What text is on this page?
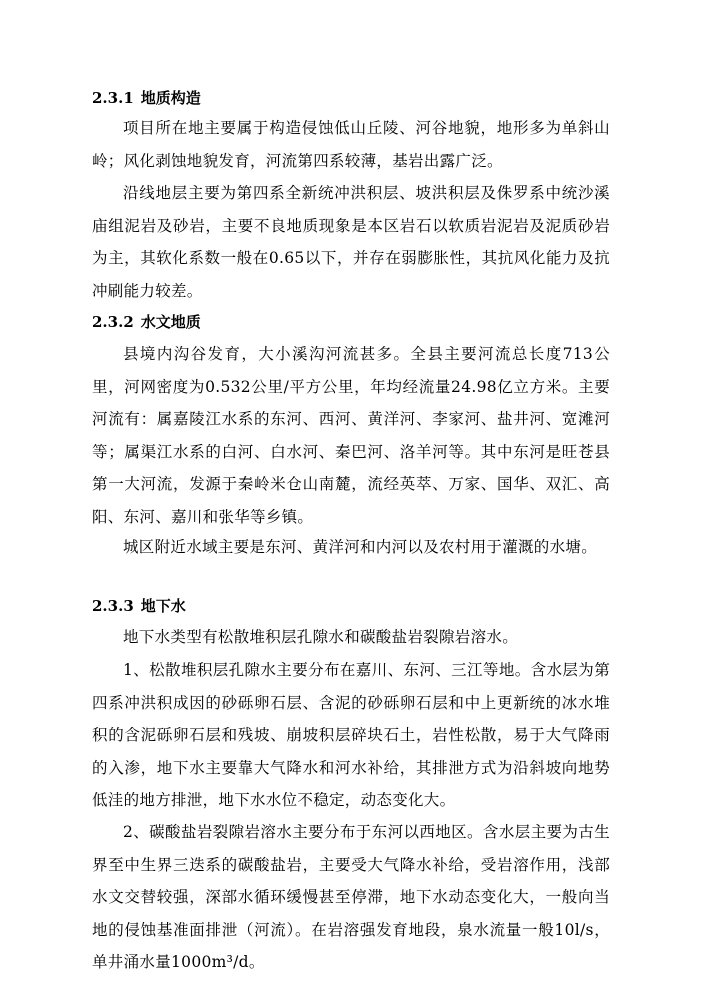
2.3.1 地质构造

项目所在地主要属于构造侵蚀低山丘陵、河谷地貌，地形多为单斜山岭；风化剥蚀地貌发育，河流第四系较薄，基岩出露广泛。

沿线地层主要为第四系全新统冲洪积层、坡洪积层及侏罗系中统沙溪庙组泥岩及砂岩，主要不良地质现象是本区岩石以软质岩泥岩及泥质砂岩为主，其软化系数一般在0.65以下，并存在弱膨胀性，其抗风化能力及抗冲刷能力较差。

2.3.2 水文地质

县境内沟谷发育，大小溪沟河流甚多。全县主要河流总长度713公里，河网密度为0.532公里/平方公里，年均经流量24.98亿立方米。主要河流有：属嘉陵江水系的东河、西河、黄洋河、李家河、盐井河、宽滩河等；属渠江水系的白河、白水河、秦巴河、洛羊河等。其中东河是旺苍县第一大河流，发源于秦岭米仓山南麓，流经英萃、万家、国华、双汇、高阳、东河、嘉川和张华等乡镇。

城区附近水域主要是东河、黄洋河和内河以及农村用于灌溉的水塘。

2.3.3 地下水

地下水类型有松散堆积层孔隙水和碳酸盐岩裂隙岩溶水。

1、松散堆积层孔隙水主要分布在嘉川、东河、三江等地。含水层为第四系冲洪积成因的砂砾卵石层、含泥的砂砾卵石层和中上更新统的冰水堆积的含泥砾卵石层和残坡、崩坡积层碎块石土，岩性松散，易于大气降雨的入渗，地下水主要靠大气降水和河水补给，其排泄方式为沿斜坡向地势低洼的地方排泄，地下水水位不稳定，动态变化大。

2、碳酸盐岩裂隙岩溶水主要分布于东河以西地区。含水层主要为古生界至中生界三迭系的碳酸盐岩，主要受大气降水补给，受岩溶作用，浅部水文交替较强，深部水循环缓慢甚至停滞，地下水动态变化大，一般向当地的侵蚀基准面排泄（河流）。在岩溶强发育地段，泉水流量一般10l/s，单井涌水量1000m³/d。
